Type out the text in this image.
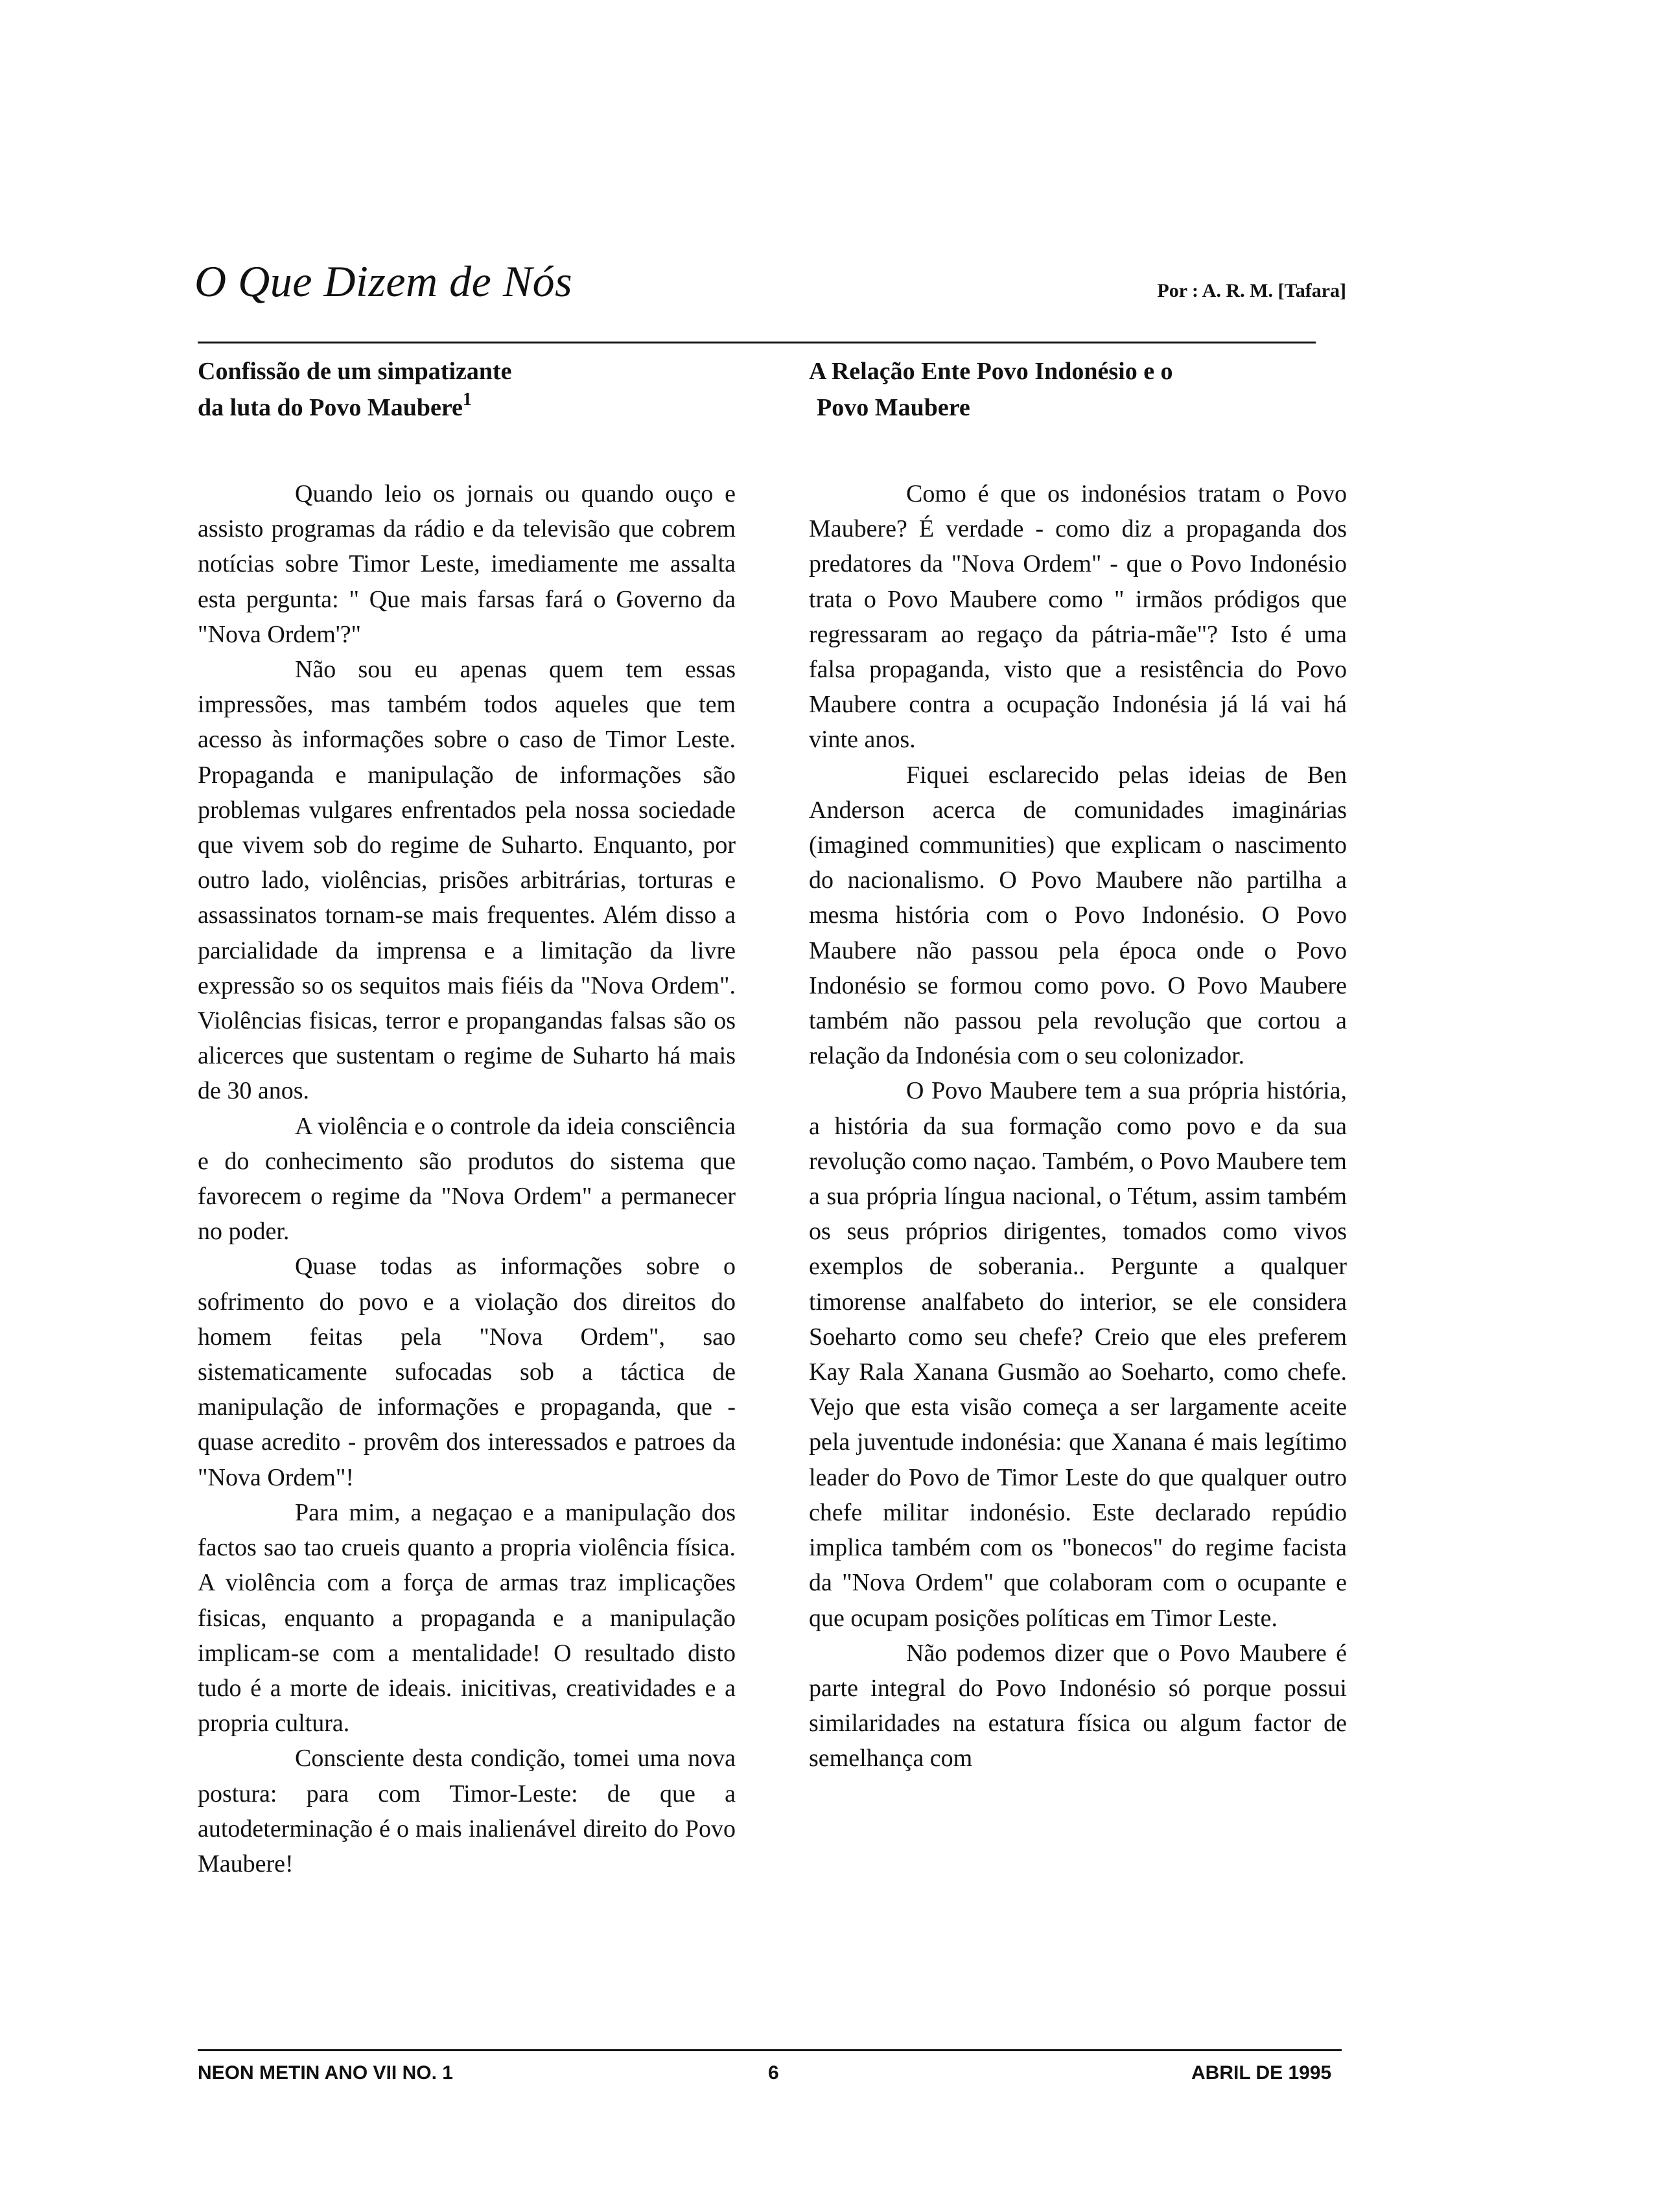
O Que Dizem de Nós	Por : A. R. M. [Tafara]
Confissão de um simpatizante
da luta do Povo Maubere$^1$

Quando leio os jornais ou quando ouço e assisto programas da rádio e da televisão que cobrem notícias sobre Timor Leste, imediamente me assalta esta pergunta: " Que mais farsas fará o Governo da "Nova Ordem'?"

Não sou eu apenas quem tem essas impressões, mas também todos aqueles que tem acesso às informações sobre o caso de Timor Leste. Propaganda e manipulação de informações são problemas vulgares enfrentados pela nossa sociedade que vivem sob do regime de Suharto. Enquanto, por outro lado, violências, prisões arbitrárias, torturas e assassinatos tornam-se mais frequentes. Além disso a parcialidade da imprensa e a limitação da livre expressão so os sequitos mais fiéis da "Nova Ordem". Violências fisicas, terror e propangandas falsas são os alicerces que sustentam o regime de Suharto há mais de 30 anos.

A violência e o controle da ideia consciência e do conhecimento são produtos do sistema que favorecem o regime da "Nova Ordem" a permanecer no poder.

Quase todas as informações sobre o sofrimento do povo e a violação dos direitos do homem feitas pela "Nova Ordem", sao sistematicamente sufocadas sob a táctica de manipulação de informações e propaganda, que - quase acredito - provêm dos interessados e patroes da "Nova Ordem"!

Para mim, a negaçao e a manipulação dos factos sao tao crueis quanto a propria violência física. A violência com a força de armas traz implicações fisicas, enquanto a propaganda e a manipulação implicam-se com a mentalidade! O resultado disto tudo é a morte de ideais. inicitivas, creatividades e a propria cultura.

Consciente desta condição, tomei uma nova postura: para com Timor-Leste: de que a autodeterminação é o mais inalienável direito do Povo Maubere!

A Relação Ente Povo Indonésio e o
Povo Maubere

Como é que os indonésios tratam o Povo Maubere? É verdade - como diz a propaganda dos predatores da "Nova Ordem" - que o Povo Indonésio trata o Povo Maubere como " irmãos pródigos que regressaram ao regaço da pátria-mãe"? Isto é uma falsa propaganda, visto que a resistência do Povo Maubere contra a ocupação Indonésia já lá vai há vinte anos.

Fiquei esclarecido pelas ideias de Ben Anderson acerca de comunidades imaginárias (imagined communities) que explicam o nascimento do nacionalismo. O Povo Maubere não partilha a mesma história com o Povo Indonésio. O Povo Maubere não passou pela época onde o Povo Indonésio se formou como povo. O Povo Maubere também não passou pela revolução que cortou a relação da Indonésia com o seu colonizador.

O Povo Maubere tem a sua própria história, a história da sua formação como povo e da sua revolução como naçao. Também, o Povo Maubere tem a sua própria língua nacional, o Tétum, assim também os seus próprios dirigentes, tomados como vivos exemplos de soberania.. Pergunte a qualquer timorense analfabeto do interior, se ele considera Soeharto como seu chefe? Creio que eles preferem Kay Rala Xanana Gusmão ao Soeharto, como chefe. Vejo que esta visão começa a ser largamente aceite pela juventude indonésia: que Xanana é mais legítimo leader do Povo de Timor Leste do que qualquer outro chefe militar indonésio. Este declarado repúdio implica também com os "bonecos" do regime facista da "Nova Ordem" que colaboram com o ocupante e que ocupam posições políticas em Timor Leste.

Não podemos dizer que o Povo Maubere é parte integral do Povo Indonésio só porque possui similaridades na estatura física ou algum factor de semelhança com

NEON METIN ANO VII NO. 1	6	ABRIL DE 1995
